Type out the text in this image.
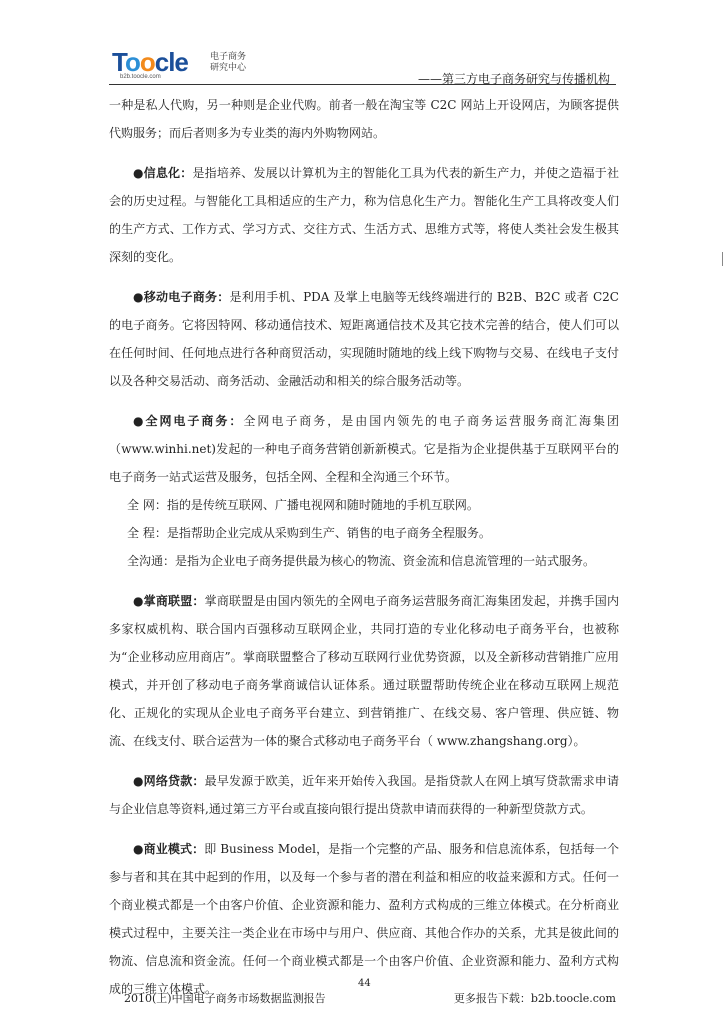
Toocle
b2b.toocle.com
电子商务
研究中心
——第三方电子商务研究与传播机构

一种是私人代购，另一种则是企业代购。前者一般在淘宝等 C2C 网站上开设网店，为顾客提供代购服务；而后者则多为专业类的海内外购物网站。

●信息化：是指培养、发展以计算机为主的智能化工具为代表的新生产力，并使之造福于社会的历史过程。与智能化工具相适应的生产力，称为信息化生产力。智能化生产工具将改变人们的生产方式、工作方式、学习方式、交往方式、生活方式、思维方式等，将使人类社会发生极其深刻的变化。

●移动电子商务：是利用手机、PDA 及掌上电脑等无线终端进行的 B2B、B2C 或者 C2C 的电子商务。它将因特网、移动通信技术、短距离通信技术及其它技术完善的结合，使人们可以在任何时间、任何地点进行各种商贸活动，实现随时随地的线上线下购物与交易、在线电子支付以及各种交易活动、商务活动、金融活动和相关的综合服务活动等。

●全网电子商务：全网电子商务，是由国内领先的电子商务运营服务商汇海集团（www.winhi.net)发起的一种电子商务营销创新新模式。它是指为企业提供基于互联网平台的电子商务一站式运营及服务，包括全网、全程和全沟通三个环节。

全 网：指的是传统互联网、广播电视网和随时随地的手机互联网。

全 程：是指帮助企业完成从采购到生产、销售的电子商务全程服务。

全沟通：是指为企业电子商务提供最为核心的物流、资金流和信息流管理的一站式服务。

●掌商联盟：掌商联盟是由国内领先的全网电子商务运营服务商汇海集团发起，并携手国内多家权威机构、联合国内百强移动互联网企业，共同打造的专业化移动电子商务平台，也被称为“企业移动应用商店”。掌商联盟整合了移动互联网行业优势资源，以及全新移动营销推广应用模式，并开创了移动电子商务掌商诚信认证体系。通过联盟帮助传统企业在移动互联网上规范化、正规化的实现从企业电子商务平台建立、到营销推广、在线交易、客户管理、供应链、物流、在线支付、联合运营为一体的聚合式移动电子商务平台（ www.zhangshang.org）。

●网络贷款：最早发源于欧美，近年来开始传入我国。是指贷款人在网上填写贷款需求申请与企业信息等资料,通过第三方平台或直接向银行提出贷款申请而获得的一种新型贷款方式。

●商业模式：即 Business Model，是指一个完整的产品、服务和信息流体系，包括每一个参与者和其在其中起到的作用，以及每一个参与者的潜在利益和相应的收益来源和方式。任何一个商业模式都是一个由客户价值、企业资源和能力、盈利方式构成的三维立体模式。在分析商业模式过程中，主要关注一类企业在市场中与用户、供应商、其他合作办的关系，尤其是彼此间的物流、信息流和资金流。任何一个商业模式都是一个由客户价值、企业资源和能力、盈利方式构成的三维立体模式。	44
2010(上)中国电子商务市场数据监测报告	更多报告下载：b2b.toocle.com
